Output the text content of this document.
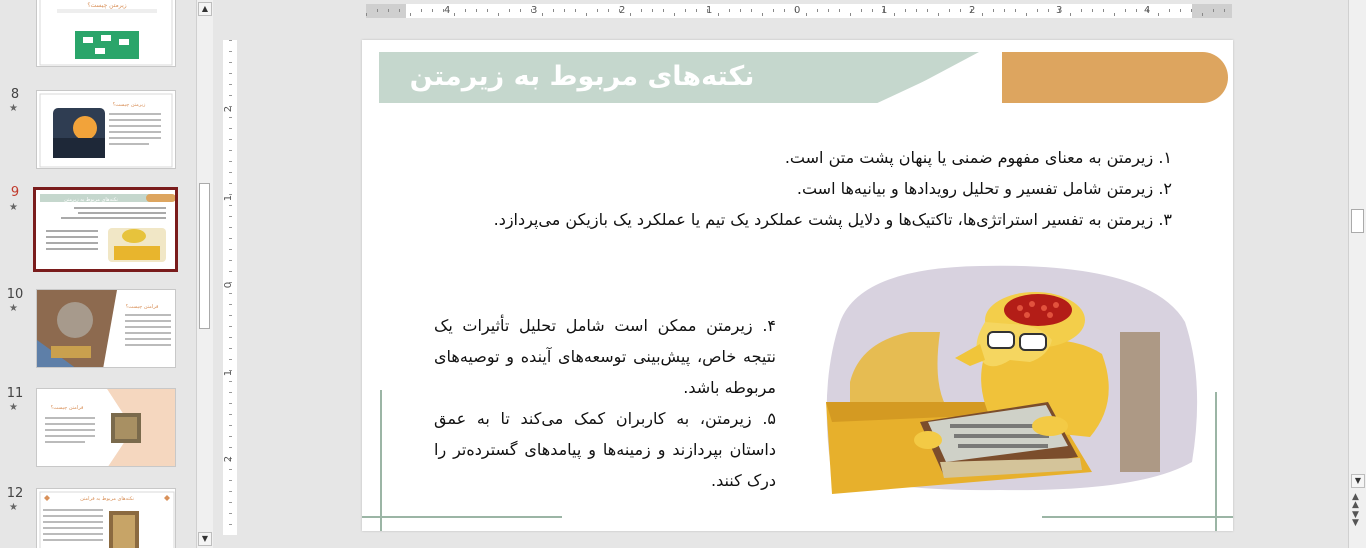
زیرمتن چیست؟
8
★	زیرمتن چیست؟
9
★
نکته‌های مربوط به زیرمتن
10
★	فرامتن چیست؟
11
★	فرامتن چیست؟
12
★
نکته‌های مربوط به فرامتن
▲
▼
4	3	2	1	0	1	2	3	4
2
1
0
1
2
نکته‌های مربوط به زیرمتن
۱. زیرمتن به معنای مفهوم ضمنی یا پنهان پشت متن است.
۲. زیرمتن شامل تفسیر و تحلیل رویدادها و بیانیه‌ها است.
۳. زیرمتن به تفسیر استراتژی‌ها، تاکتیک‌ها و دلایل پشت عملکرد یک تیم یا عملکرد یک بازیکن می‌پردازد.
۴. زیرمتن ممکن است شامل تحلیل تأثیرات یک نتیجه خاص، پیش‌بینی توسعه‌های آینده و توصیه‌های مربوطه باشد.
۵. زیرمتن، به کاربران کمک می‌کند تا به عمق داستان بپردازند و زمینه‌ها و پیامدهای گسترده‌تر را درک کنند.	▼
▲
▲
▼
▼
